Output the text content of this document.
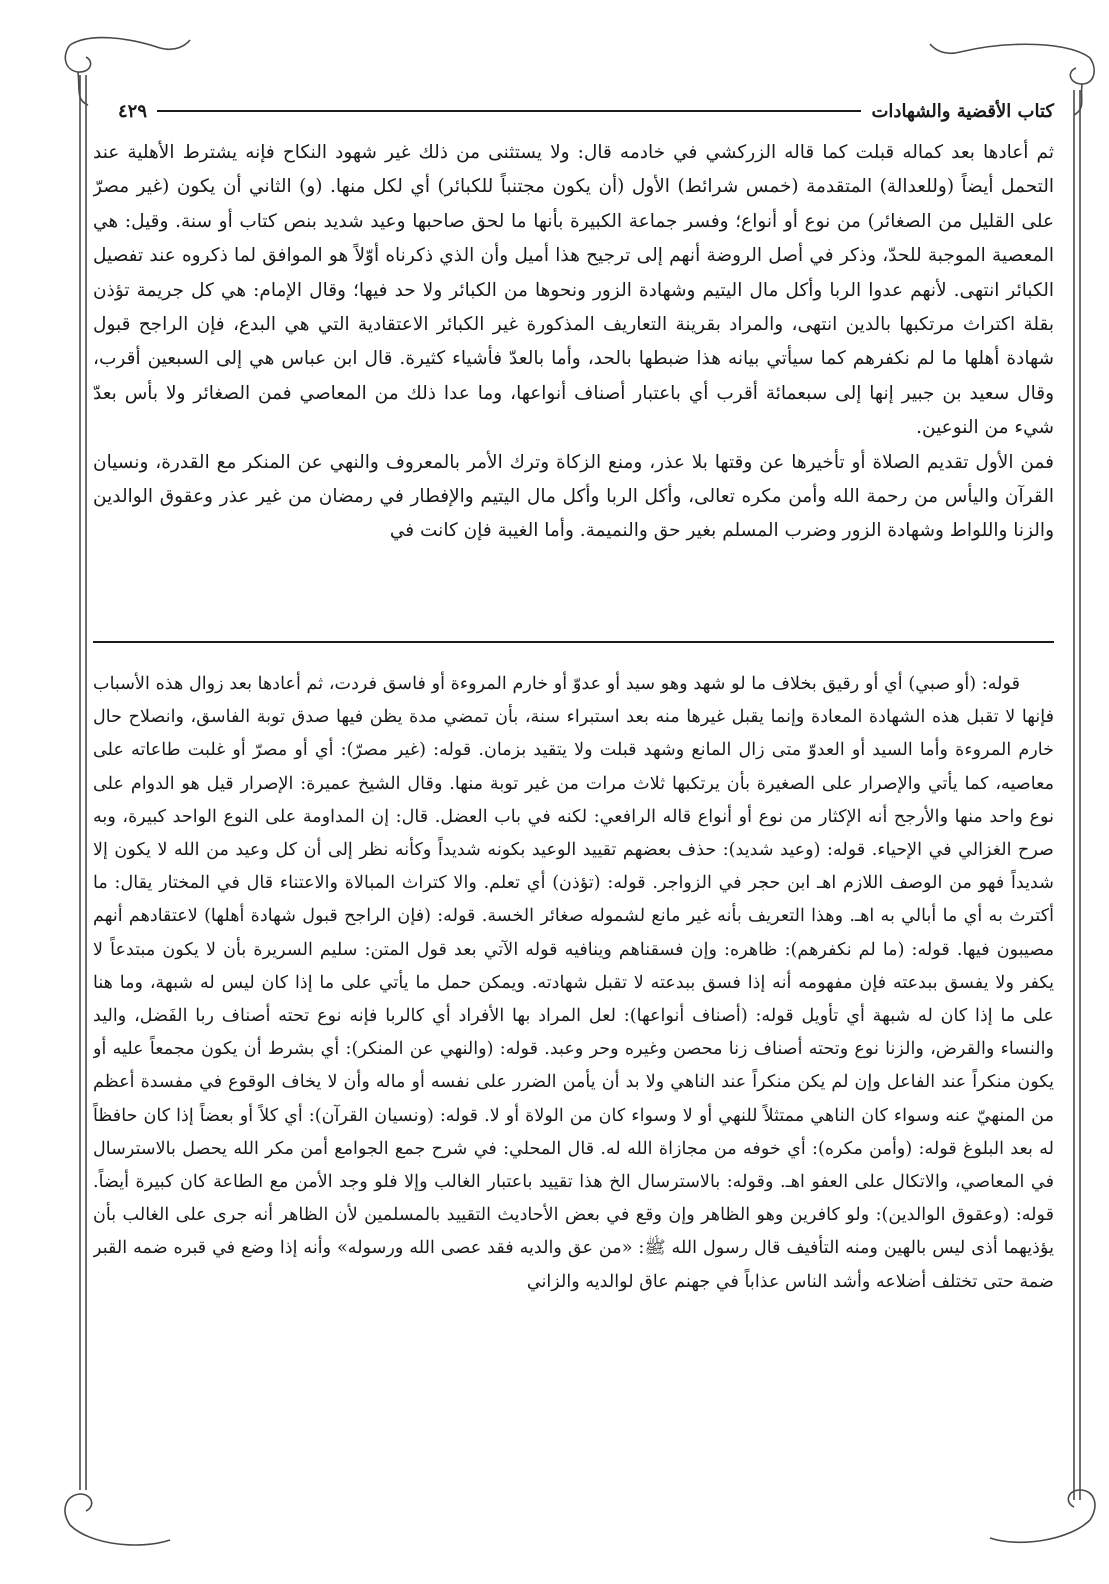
كتاب الأقضية والشهادات
٤٢٩

ثم أعادها بعد كماله قبلت كما قاله الزركشي في خادمه قال: ولا يستثنى من ذلك غير شهود النكاح فإنه يشترط الأهلية عند التحمل أيضاً (وللعدالة) المتقدمة (خمس شرائط) الأول (أن يكون مجتنباً للكبائر) أي لكل منها. (و) الثاني أن يكون (غير مصرّ على القليل من الصغائر) من نوع أو أنواع؛ وفسر جماعة الكبيرة بأنها ما لحق صاحبها وعيد شديد بنص كتاب أو سنة. وقيل: هي المعصية الموجبة للحدّ، وذكر في أصل الروضة أنهم إلى ترجيح هذا أميل وأن الذي ذكرناه أوّلاً هو الموافق لما ذكروه عند تفصيل الكبائر انتهى. لأنهم عدوا الربا وأكل مال اليتيم وشهادة الزور ونحوها من الكبائر ولا حد فيها؛ وقال الإمام: هي كل جريمة تؤذن بقلة اكتراث مرتكبها بالدين انتهى، والمراد بقرينة التعاريف المذكورة غير الكبائر الاعتقادية التي هي البدع، فإن الراجح قبول شهادة أهلها ما لم نكفرهم كما سيأتي بيانه هذا ضبطها بالحد، وأما بالعدّ فأشياء كثيرة. قال ابن عباس هي إلى السبعين أقرب، وقال سعيد بن جبير إنها إلى سبعمائة أقرب أي باعتبار أصناف أنواعها، وما عدا ذلك من المعاصي فمن الصغائر ولا بأس بعدّ شيء من النوعين.

فمن الأول تقديم الصلاة أو تأخيرها عن وقتها بلا عذر، ومنع الزكاة وترك الأمر بالمعروف والنهي عن المنكر مع القدرة، ونسيان القرآن واليأس من رحمة الله وأمن مكره تعالى، وأكل الربا وأكل مال اليتيم والإفطار في رمضان من غير عذر وعقوق الوالدين والزنا واللواط وشهادة الزور وضرب المسلم بغير حق والنميمة. وأما الغيبة فإن كانت في

قوله: (أو صبي) أي أو رقيق بخلاف ما لو شهد وهو سيد أو عدوّ أو خارم المروءة أو فاسق فردت، ثم أعادها بعد زوال هذه الأسباب فإنها لا تقبل هذه الشهادة المعادة وإنما يقبل غيرها منه بعد استبراء سنة، بأن تمضي مدة يظن فيها صدق توبة الفاسق، وانصلاح حال خارم المروءة وأما السيد أو العدوّ متى زال المانع وشهد قبلت ولا يتقيد بزمان. قوله: (غير مصرّ): أي أو مصرّ أو غلبت طاعاته على معاصيه، كما يأتي والإصرار على الصغيرة بأن يرتكبها ثلاث مرات من غير توبة منها. وقال الشيخ عميرة: الإصرار قيل هو الدوام على نوع واحد منها والأرجح أنه الإكثار من نوع أو أنواع قاله الرافعي: لكنه في باب العضل. قال: إن المداومة على النوع الواحد كبيرة، وبه صرح الغزالي في الإحياء. قوله: (وعيد شديد): حذف بعضهم تقييد الوعيد بكونه شديداً وكأنه نظر إلى أن كل وعيد من الله لا يكون إلا شديداً فهو من الوصف اللازم اهـ ابن حجر في الزواجر. قوله: (تؤذن) أي تعلم. والا كتراث المبالاة والاعتناء قال في المختار يقال: ما أكترث به أي ما أبالي به اهـ. وهذا التعريف بأنه غير مانع لشموله صغائر الخسة. قوله: (فإن الراجح قبول شهادة أهلها) لاعتقادهم أنهم مصيبون فيها. قوله: (ما لم نكفرهم): ظاهره: وإن فسقناهم وينافيه قوله الآتي بعد قول المتن: سليم السريرة بأن لا يكون مبتدعاً لا يكفر ولا يفسق ببدعته فإن مفهومه أنه إذا فسق ببدعته لا تقبل شهادته. ويمكن حمل ما يأتي على ما إذا كان ليس له شبهة، وما هنا على ما إذا كان له شبهة أي تأويل قوله: (أصناف أنواعها): لعل المراد بها الأفراد أي كالربا فإنه نوع تحته أصناف ربا الفَضل، واليد والنساء والقرض، والزنا نوع وتحته أصناف زنا محصن وغيره وحر وعبد. قوله: (والنهي عن المنكر): أي بشرط أن يكون مجمعاً عليه أو يكون منكراً عند الفاعل وإن لم يكن منكراً عند الناهي ولا بد أن يأمن الضرر على نفسه أو ماله وأن لا يخاف الوقوع في مفسدة أعظم من المنهيّ عنه وسواء كان الناهي ممتثلاً للنهي أو لا وسواء كان من الولاة أو لا. قوله: (ونسيان القرآن): أي كلاً أو بعضاً إذا كان حافظاً له بعد البلوغ قوله: (وأمن مكره): أي خوفه من مجازاة الله له. قال المحلي: في شرح جمع الجوامع أمن مكر الله يحصل بالاسترسال في المعاصي، والاتكال على العفو اهـ. وقوله: بالاسترسال الخ هذا تقييد باعتبار الغالب وإلا فلو وجد الأمن مع الطاعة كان كبيرة أيضاً. قوله: (وعقوق الوالدين): ولو كافرين وهو الظاهر وإن وقع في بعض الأحاديث التقييد بالمسلمين لأن الظاهر أنه جرى على الغالب بأن يؤذيهما أذى ليس بالهين ومنه التأفيف قال رسول الله ﷺ: «من عق والديه فقد عصى الله ورسوله» وأنه إذا وضع في قبره ضمه القبر ضمة حتى تختلف أضلاعه وأشد الناس عذاباً في جهنم عاق لوالديه والزاني
